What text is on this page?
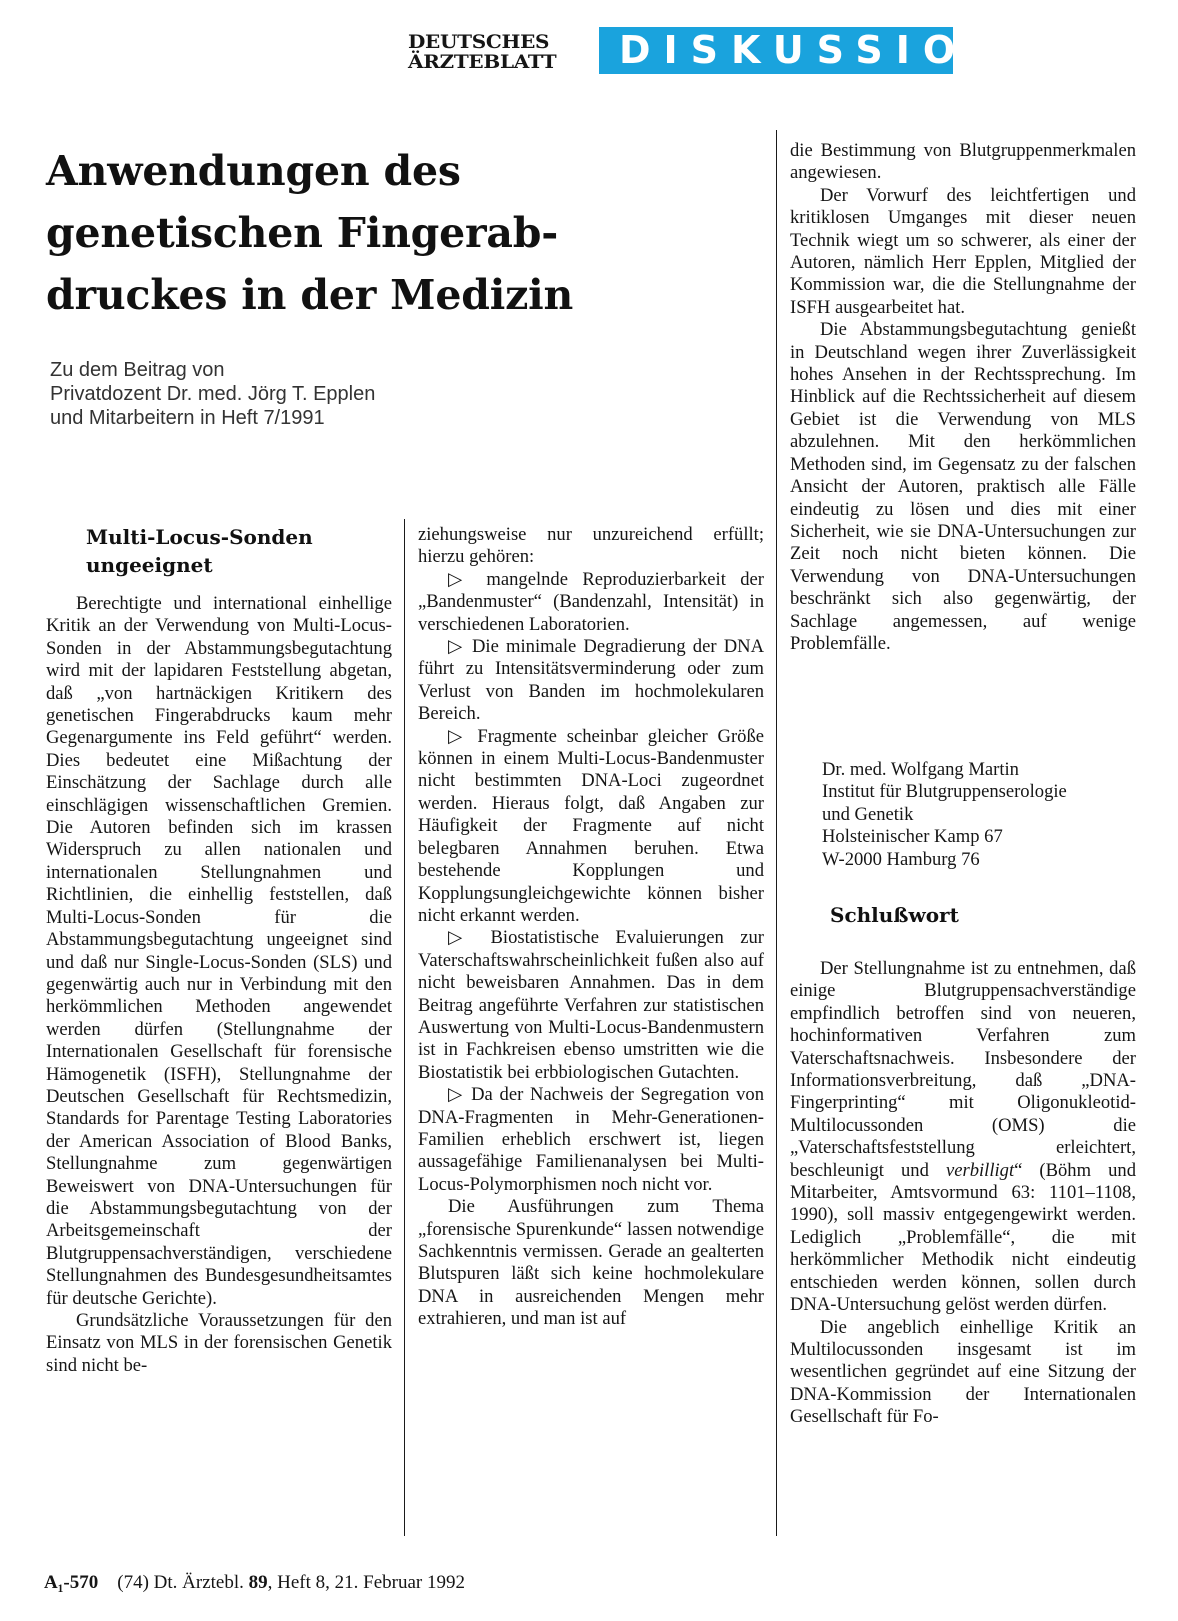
DEUTSCHES
ÄRZTEBLATT	DISKUSSION
Anwendungen des
genetischen Fingerab-
druckes in der Medizin
Zu dem Beitrag von
Privatdozent Dr. med. Jörg T. Epplen
und Mitarbeitern in Heft 7/1991
Multi-Locus-Sonden ungeeignet

Berechtigte und international einhellige Kritik an der Verwendung von Multi-Locus-Sonden in der Abstammungsbegutachtung wird mit der lapidaren Feststellung abgetan, daß „von hartnäckigen Kritikern des genetischen Fingerabdrucks kaum mehr Gegenargumente ins Feld geführt“ werden. Dies bedeutet eine Mißachtung der Einschätzung der Sachlage durch alle einschlägigen wissenschaftlichen Gremien. Die Autoren befinden sich im krassen Widerspruch zu allen nationalen und internationalen Stellungnahmen und Richtlinien, die einhellig feststellen, daß Multi-Locus-Sonden für die Abstammungsbegutachtung ungeeignet sind und daß nur Single-Locus-Sonden (SLS) und gegenwärtig auch nur in Verbindung mit den herkömmlichen Methoden angewendet werden dürfen (Stellungnahme der Internationalen Gesellschaft für forensische Hämogenetik (ISFH), Stellungnahme der Deutschen Gesellschaft für Rechtsmedizin, Standards for Parentage Testing Laboratories der American Association of Blood Banks, Stellungnahme zum gegenwärtigen Beweiswert von DNA-Untersuchungen für die Abstammungsbegutachtung von der Arbeitsgemeinschaft der Blutgruppensachverständigen, verschiedene Stellungnahmen des Bundesgesundheitsamtes für deutsche Gerichte).

Grundsätzliche Voraussetzungen für den Einsatz von MLS in der forensischen Genetik sind nicht be-

ziehungsweise nur unzureichend erfüllt; hierzu gehören:

▷ mangelnde Reproduzierbarkeit der „Bandenmuster“ (Bandenzahl, Intensität) in verschiedenen Laboratorien.

▷ Die minimale Degradierung der DNA führt zu Intensitätsverminderung oder zum Verlust von Banden im hochmolekularen Bereich.

▷ Fragmente scheinbar gleicher Größe können in einem Multi-Locus-Bandenmuster nicht bestimmten DNA-Loci zugeordnet werden. Hieraus folgt, daß Angaben zur Häufigkeit der Fragmente auf nicht belegbaren Annahmen beruhen. Etwa bestehende Kopplungen und Kopplungsungleichgewichte können bisher nicht erkannt werden.

▷ Biostatistische Evaluierungen zur Vaterschaftswahrscheinlichkeit fußen also auf nicht beweisbaren Annahmen. Das in dem Beitrag angeführte Verfahren zur statistischen Auswertung von Multi-Locus-Bandenmustern ist in Fachkreisen ebenso umstritten wie die Biostatistik bei erbbiologischen Gutachten.

▷ Da der Nachweis der Segregation von DNA-Fragmenten in Mehr-Generationen-Familien erheblich erschwert ist, liegen aussagefähige Familienanalysen bei Multi-Locus-Polymorphismen noch nicht vor.

Die Ausführungen zum Thema „forensische Spurenkunde“ lassen notwendige Sachkenntnis vermissen. Gerade an gealterten Blutspuren läßt sich keine hochmolekulare DNA in ausreichenden Mengen mehr extrahieren, und man ist auf

die Bestimmung von Blutgruppenmerkmalen angewiesen.

Der Vorwurf des leichtfertigen und kritiklosen Umganges mit dieser neuen Technik wiegt um so schwerer, als einer der Autoren, nämlich Herr Epplen, Mitglied der Kommission war, die die Stellungnahme der ISFH ausgearbeitet hat.

Die Abstammungsbegutachtung genießt in Deutschland wegen ihrer Zuverlässigkeit hohes Ansehen in der Rechtssprechung. Im Hinblick auf die Rechtssicherheit auf diesem Gebiet ist die Verwendung von MLS abzulehnen. Mit den herkömmlichen Methoden sind, im Gegensatz zu der falschen Ansicht der Autoren, praktisch alle Fälle eindeutig zu lösen und dies mit einer Sicherheit, wie sie DNA-Untersuchungen zur Zeit noch nicht bieten können. Die Verwendung von DNA-Untersuchungen beschränkt sich also gegenwärtig, der Sachlage angemessen, auf wenige Problemfälle.

Dr. med. Wolfgang Martin
Institut für Blutgruppenserologie
und Genetik
Holsteinischer Kamp 67
W-2000 Hamburg 76
Schlußwort

Der Stellungnahme ist zu entnehmen, daß einige Blutgruppensachverständige empfindlich betroffen sind von neueren, hochinformativen Verfahren zum Vaterschaftsnachweis. Insbesondere der Informationsverbreitung, daß „DNA-Fingerprinting“ mit Oligonukleotid-Multilocussonden (OMS) die „Vaterschaftsfeststellung erleichtert, beschleunigt und verbilligt“ (Böhm und Mitarbeiter, Amtsvormund 63: 1101–1108, 1990), soll massiv entgegengewirkt werden. Lediglich „Problemfälle“, die mit herkömmlicher Methodik nicht eindeutig entschieden werden können, sollen durch DNA-Untersuchung gelöst werden dürfen.

Die angeblich einhellige Kritik an Multilocussonden insgesamt ist im wesentlichen gegründet auf eine Sitzung der DNA-Kommission der Internationalen Gesellschaft für Fo-

A₁-570 (74) Dt. Ärztebl. 89, Heft 8, 21. Februar 1992
